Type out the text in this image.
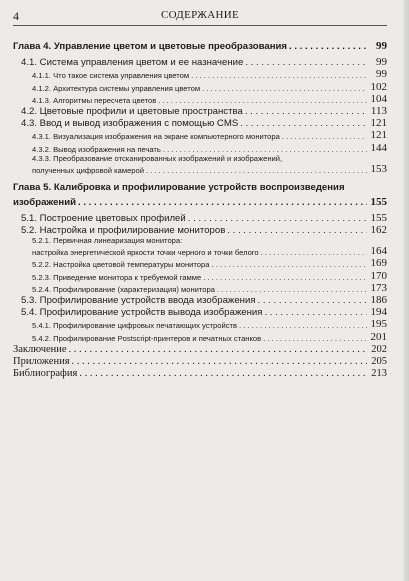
4	СОДЕРЖАНИЕ
Глава 4. Управление цветом и цветовые преобразования . . .	99
4.1. Система управления цветом и ее назначение . . .	99
4.1.1. Что такое система управления цветом . . .	99
4.1.2. Архитектура системы управления цветом . . .	102
4.1.3. Алгоритмы пересчета цветов . . .	104
4.2. Цветовые профили и цветовые пространства . . .	113
4.3. Ввод и вывод изображения с помощью CMS . . .	121
4.3.1. Визуализация изображения на экране компьютерного монитора . . .	121
4.3.2. Вывод изображения на печать . . .	144
4.3.3. Преобразование отсканированных изображений и изображений,
полученных цифровой камерой . . .	153
Глава 5. Калибровка и профилирование устройств воспроизведения
изображений . . .	155
5.1. Построение цветовых профилей . . .	155
5.2. Настройка и профилирование мониторов . . .	162
5.2.1. Первичная линеаризация монитора:
настройка энергетической яркости точки черного и точки белого . . .	164
5.2.2. Настройка цветовой температуры монитора . . .	169
5.2.3. Приведение монитора к требуемой гамме . . .	170
5.2.4. Профилирование (характеризация) монитора . . .	173
5.3. Профилирование устройств ввода изображения . . .	186
5.4. Профилирование устройств вывода изображения . . .	194
5.4.1. Профилирование цифровых печатающих устройств . . .	195
5.4.2. Профилирование Postscript-принтеров и печатных станков . . .	201
Заключение . . .	202
Приложения . . .	205
Библиография . . .	213
